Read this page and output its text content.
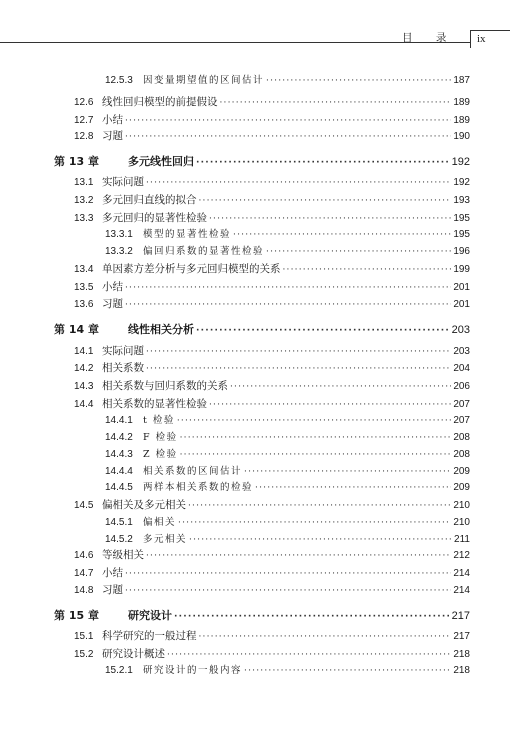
目 录	ix
12.5.3	因变量期望值的区间估计 ·····	187
12.6 线性回归模型的前提假设 ·····	189
12.7 小结 ·····	189
12.8 习题 ·····	190
第 13 章	多元线性回归 ·····	192
13.1 实际问题 ·····	192
13.2 多元回归直线的拟合 ·····	193
13.3 多元回归的显著性检验 ·····	195
13.3.1	模型的显著性检验 ·····	195
13.3.2	偏回归系数的显著性检验 ·····	196
13.4 单因素方差分析与多元回归模型的关系 ·····	199
13.5 小结 ·····	201
13.6 习题 ·····	201
第 14 章	线性相关分析 ·····	203
14.1 实际问题 ·····	203
14.2 相关系数 ·····	204
14.3 相关系数与回归系数的关系 ·····	206
14.4 相关系数的显著性检验 ·····	207
14.4.1	t 检验 ·····	207
14.4.2	F 检验 ·····	208
14.4.3	Z 检验 ·····	208
14.4.4	相关系数的区间估计 ·····	209
14.4.5	两样本相关系数的检验 ·····	209
14.5 偏相关及多元相关 ·····	210
14.5.1	偏相关 ·····	210
14.5.2	多元相关 ·····	211
14.6 等级相关 ·····	212
14.7 小结 ·····	214
14.8 习题 ·····	214
第 15 章	研究设计 ·····	217
15.1 科学研究的一般过程 ·····	217
15.2 研究设计概述 ·····	218
15.2.1	研究设计的一般内容 ·····	218
